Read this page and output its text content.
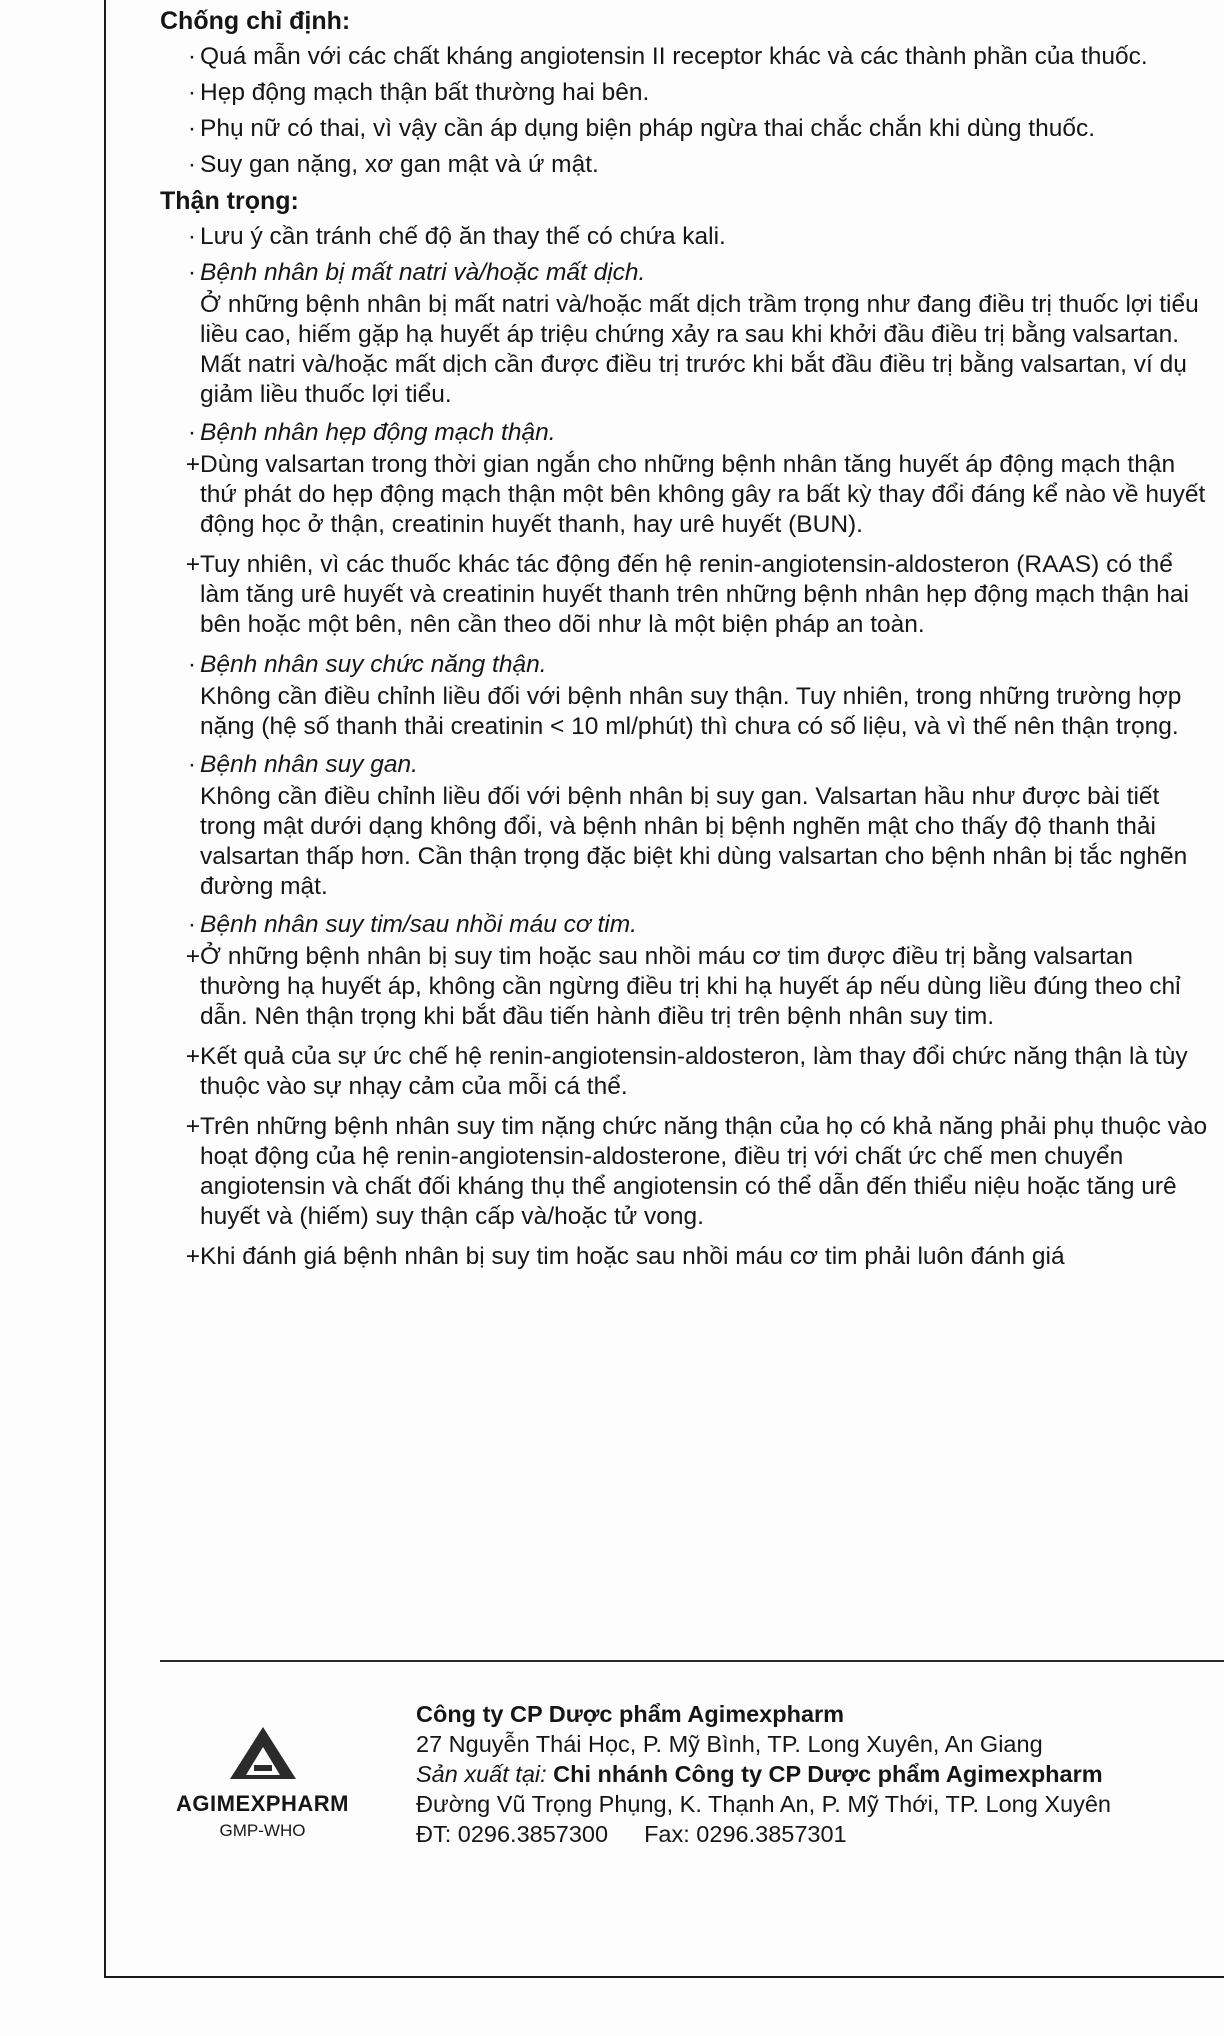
Chống chỉ định:
· Quá mẫn với các chất kháng angiotensin II receptor khác và các thành phần của thuốc.
· Hẹp động mạch thận bất thường hai bên.
· Phụ nữ có thai, vì vậy cần áp dụng biện pháp ngừa thai chắc chắn khi dùng thuốc.
· Suy gan nặng, xơ gan mật và ứ mật.
Thận trọng:
· Lưu ý cần tránh chế độ ăn thay thế có chứa kali.
· Bệnh nhân bị mất natri và/hoặc mất dịch.
Ở những bệnh nhân bị mất natri và/hoặc mất dịch trầm trọng như đang điều trị thuốc lợi tiểu liều cao, hiếm gặp hạ huyết áp triệu chứng xảy ra sau khi khởi đầu điều trị bằng valsartan. Mất natri và/hoặc mất dịch cần được điều trị trước khi bắt đầu điều trị bằng valsartan, ví dụ giảm liều thuốc lợi tiểu.
· Bệnh nhân hẹp động mạch thận.
+ Dùng valsartan trong thời gian ngắn cho những bệnh nhân tăng huyết áp động mạch thận thứ phát do hẹp động mạch thận một bên không gây ra bất kỳ thay đổi đáng kể nào về huyết động học ở thận, creatinin huyết thanh, hay urê huyết (BUN).
+ Tuy nhiên, vì các thuốc khác tác động đến hệ renin-angiotensin-aldosteron (RAAS) có thể làm tăng urê huyết và creatinin huyết thanh trên những bệnh nhân hẹp động mạch thận hai bên hoặc một bên, nên cần theo dõi như là một biện pháp an toàn.
· Bệnh nhân suy chức năng thận.
Không cần điều chỉnh liều đối với bệnh nhân suy thận. Tuy nhiên, trong những trường hợp nặng (hệ số thanh thải creatinin < 10 ml/phút) thì chưa có số liệu, và vì thế nên thận trọng.
· Bệnh nhân suy gan.
Không cần điều chỉnh liều đối với bệnh nhân bị suy gan. Valsartan hầu như được bài tiết trong mật dưới dạng không đổi, và bệnh nhân bị bệnh nghẽn mật cho thấy độ thanh thải valsartan thấp hơn. Cần thận trọng đặc biệt khi dùng valsartan cho bệnh nhân bị tắc nghẽn đường mật.
· Bệnh nhân suy tim/sau nhồi máu cơ tim.
+ Ở những bệnh nhân bị suy tim hoặc sau nhồi máu cơ tim được điều trị bằng valsartan thường hạ huyết áp, không cần ngừng điều trị khi hạ huyết áp nếu dùng liều đúng theo chỉ dẫn. Nên thận trọng khi bắt đầu tiến hành điều trị trên bệnh nhân suy tim.
+ Kết quả của sự ức chế hệ renin-angiotensin-aldosteron, làm thay đổi chức năng thận là tùy thuộc vào sự nhạy cảm của mỗi cá thể.
+ Trên những bệnh nhân suy tim nặng chức năng thận của họ có khả năng phải phụ thuộc vào hoạt động của hệ renin-angiotensin-aldosterone, điều trị với chất ức chế men chuyển angiotensin và chất đối kháng thụ thể angiotensin có thể dẫn đến thiểu niệu hoặc tăng urê huyết và (hiếm) suy thận cấp và/hoặc tử vong.
+ Khi đánh giá bệnh nhân bị suy tim hoặc sau nhồi máu cơ tim phải luôn đánh giá
AGIMEXPHARM
GMP-WHO
Công ty CP Dược phẩm Agimexpharm
27 Nguyễn Thái Học, P. Mỹ Bình, TP. Long Xuyên, An Giang
Sản xuất tại: Chi nhánh Công ty CP Dược phẩm Agimexpharm
Đường Vũ Trọng Phụng, K. Thạnh An, P. Mỹ Thới, TP. Long Xuyên
ĐT: 0296.3857300 Fax: 0296.3857301
